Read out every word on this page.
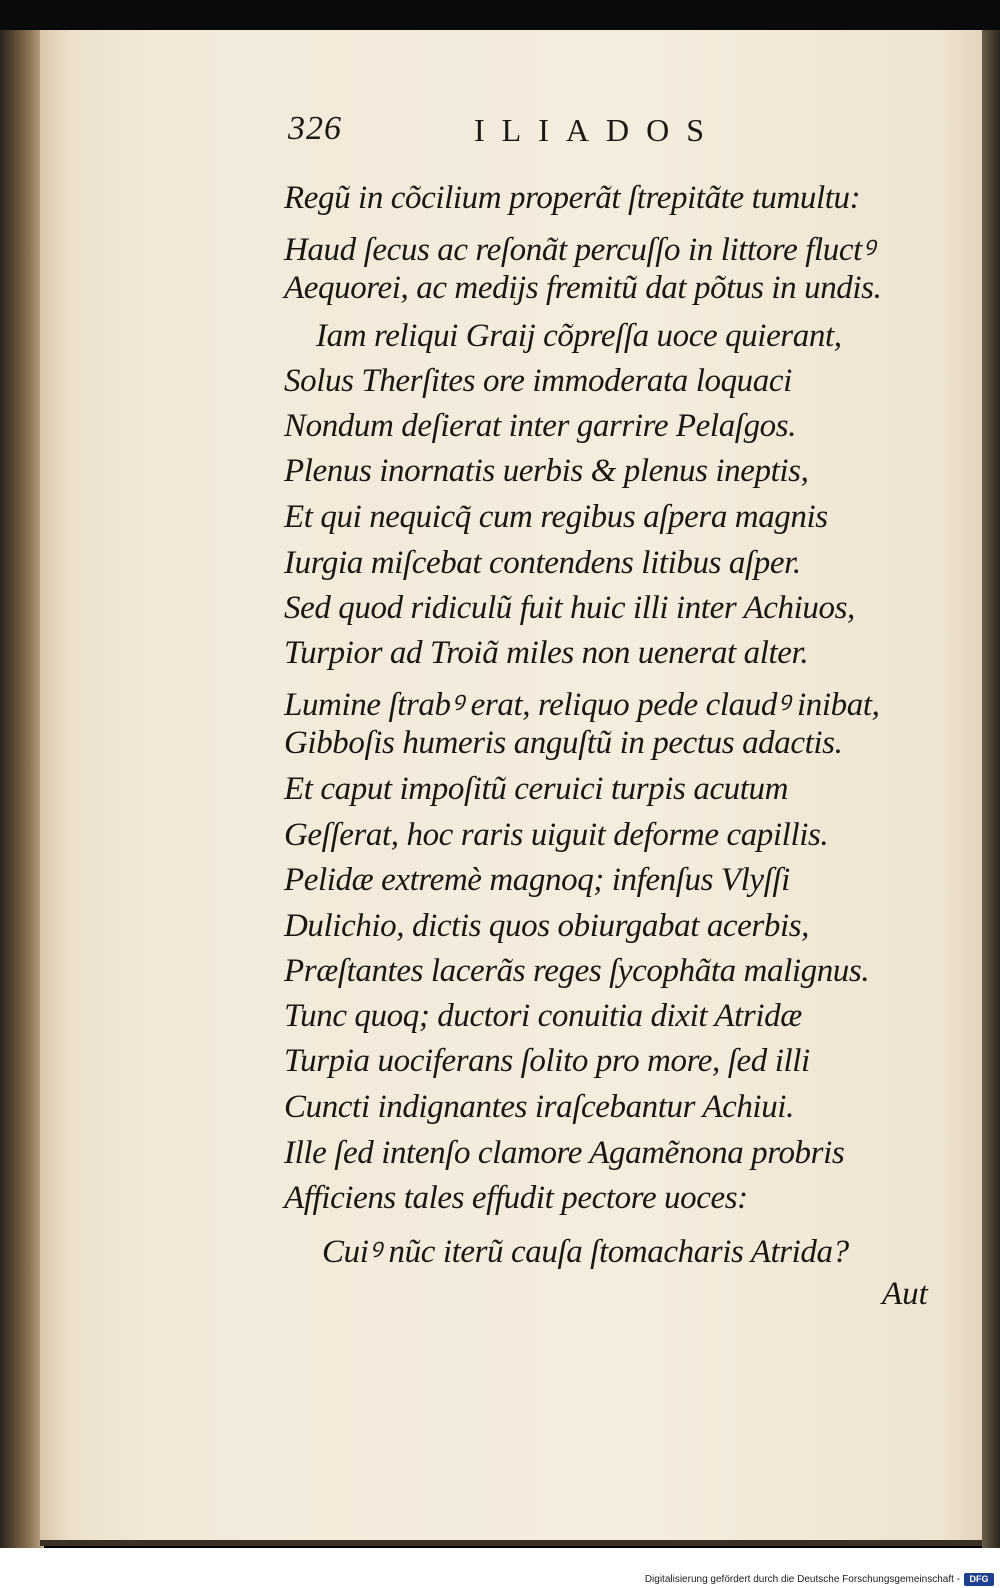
326	ILIADOS
Regũ in cõcilium properãt ſtrepitãte tumultu:
Haud ſecus ac reſonãt percuſſo in littore fluctꝰ
Aequorei, ac medijs fremitũ dat põtus in undis.
Iam reliqui Graij cõpreſſa uoce quierant,
Solus Therſites ore immoderata loquaci
Nondum deſierat inter garrire Pelaſgos.
Plenus inornatis uerbis & plenus ineptis,
Et qui nequicq̃ cum regibus aſpera magnis
Iurgia miſcebat contendens litibus aſper.
Sed quod ridiculũ fuit huic illi inter Achiuos,
Turpior ad Troiã miles non uenerat alter.
Lumine ſtrabꝰ erat, reliquo pede claudꝰ inibat,
Gibboſis humeris anguſtũ in pectus adactis.
Et caput impoſitũ ceruici turpis acutum
Geſſerat, hoc raris uiguit deforme capillis.
Pelidæ extremè magnoq; infenſus Vlyſſi
Dulichio, dictis quos obiurgabat acerbis,
Præſtantes lacerãs reges ſycophãta malignus.
Tunc quoq; ductori conuitia dixit Atridæ
Turpia uociferans ſolito pro more, ſed illi
Cuncti indignantes iraſcebantur Achiui.
Ille ſed intenſo clamore Agamẽnona probris
Afficiens tales effudit pectore uoces:
Cuiꝰ nũc iterũ cauſa ſtomacharis Atrida?
Aut
Digitalisierung gefördert durch die Deutsche Forschungsgemeinschaft -	DFG
